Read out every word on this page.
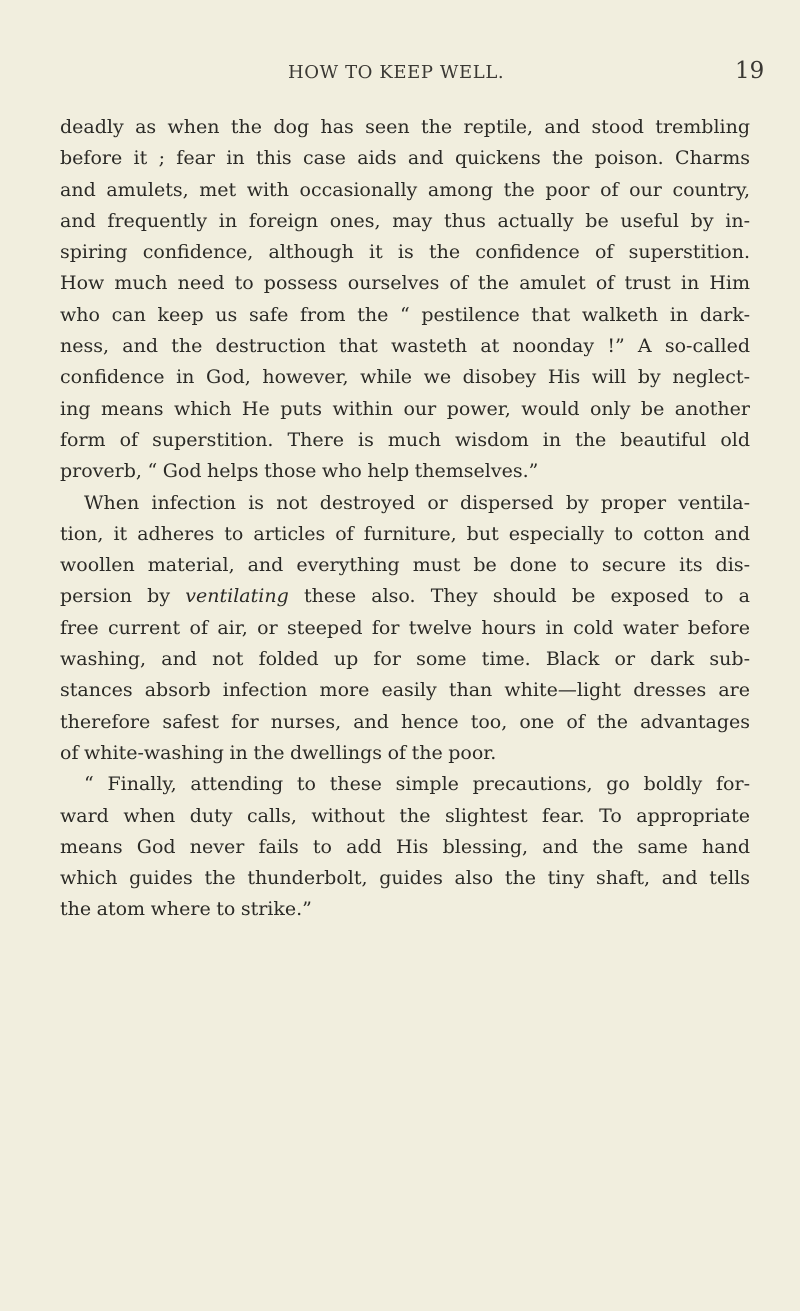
HOW TO KEEP WELL.	19
deadly as when the dog has seen the reptile, and stood trembling
before it ; fear in this case aids and quickens the poison. Charms
and amulets, met with occasionally among the poor of our country,
and frequently in foreign ones, may thus actually be useful by in-
spiring confidence, although it is the confidence of superstition.
How much need to possess ourselves of the amulet of trust in Him
who can keep us safe from the “ pestilence that walketh in dark-
ness, and the destruction that wasteth at noonday !” A so-called
confidence in God, however, while we disobey His will by neglect-
ing means which He puts within our power, would only be another
form of superstition. There is much wisdom in the beautiful old
proverb, “ God helps those who help themselves.”
When infection is not destroyed or dispersed by proper ventila-
tion, it adheres to articles of furniture, but especially to cotton and
woollen material, and everything must be done to secure its dis-
persion by ventilating these also. They should be exposed to a
free current of air, or steeped for twelve hours in cold water before
washing, and not folded up for some time. Black or dark sub-
stances absorb infection more easily than white—light dresses are
therefore safest for nurses, and hence too, one of the advantages
of white-washing in the dwellings of the poor.
“ Finally, attending to these simple precautions, go boldly for-
ward when duty calls, without the slightest fear. To appropriate
means God never fails to add His blessing, and the same hand
which guides the thunderbolt, guides also the tiny shaft, and tells
the atom where to strike.”
